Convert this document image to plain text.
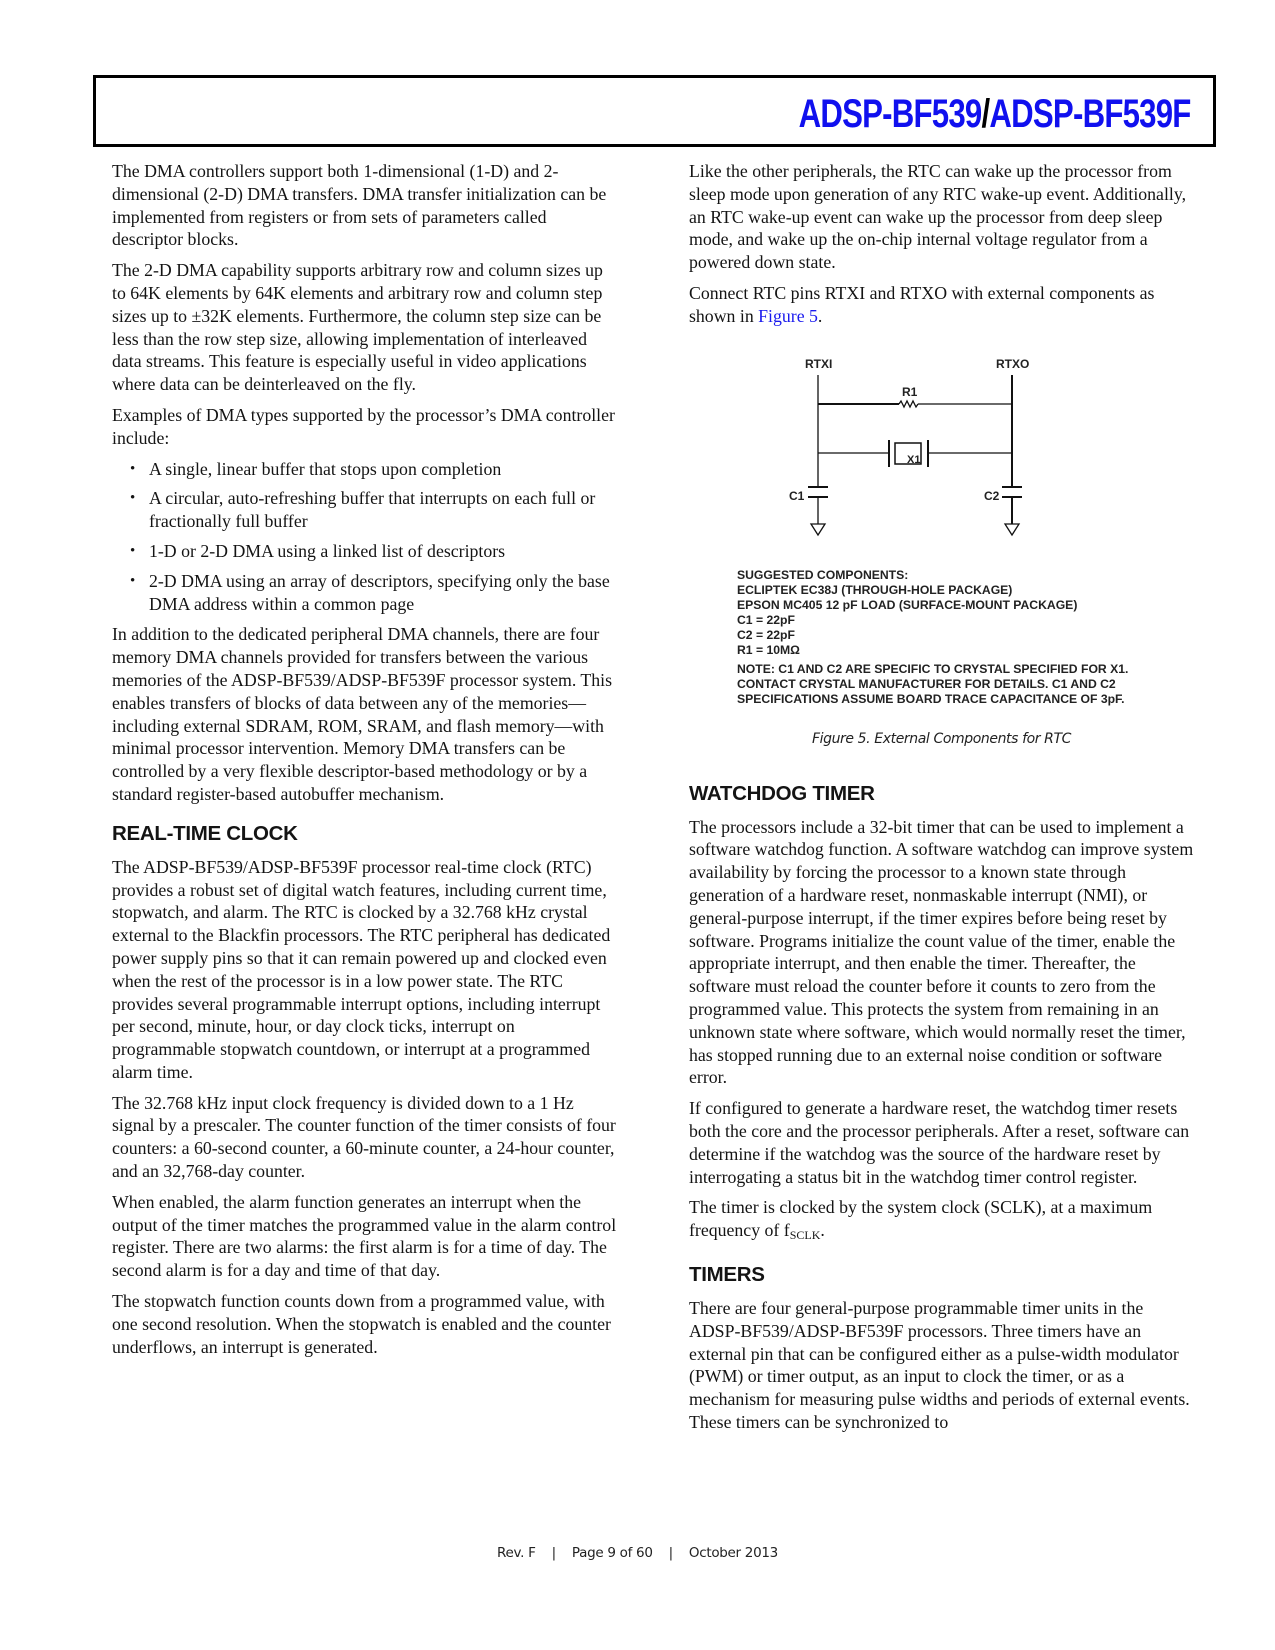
ADSP-BF539/ADSP-BF539F

The DMA controllers support both 1-dimensional (1-D) and 2-dimensional (2-D) DMA transfers. DMA transfer initialization can be implemented from registers or from sets of parameters called descriptor blocks.

The 2-D DMA capability supports arbitrary row and column sizes up to 64K elements by 64K elements and arbitrary row and column step sizes up to ±32K elements. Furthermore, the column step size can be less than the row step size, allowing implementation of interleaved data streams. This feature is especially useful in video applications where data can be deinterleaved on the fly.

Examples of DMA types supported by the processor’s DMA controller include:

• A single, linear buffer that stops upon completion
• A circular, auto-refreshing buffer that interrupts on each full or fractionally full buffer
• 1-D or 2-D DMA using a linked list of descriptors
• 2-D DMA using an array of descriptors, specifying only the base DMA address within a common page

In addition to the dedicated peripheral DMA channels, there are four memory DMA channels provided for transfers between the various memories of the ADSP-BF539/ADSP-BF539F processor system. This enables transfers of blocks of data between any of the memories—including external SDRAM, ROM, SRAM, and flash memory—with minimal processor intervention. Memory DMA transfers can be controlled by a very flexible descriptor-based methodology or by a standard register-based autobuffer mechanism.

REAL-TIME CLOCK

The ADSP-BF539/ADSP-BF539F processor real-time clock (RTC) provides a robust set of digital watch features, including current time, stopwatch, and alarm. The RTC is clocked by a 32.768 kHz crystal external to the Blackfin processors. The RTC peripheral has dedicated power supply pins so that it can remain powered up and clocked even when the rest of the processor is in a low power state. The RTC provides several programmable interrupt options, including interrupt per second, minute, hour, or day clock ticks, interrupt on programmable stopwatch countdown, or interrupt at a programmed alarm time.

The 32.768 kHz input clock frequency is divided down to a 1 Hz signal by a prescaler. The counter function of the timer consists of four counters: a 60-second counter, a 60-minute counter, a 24-hour counter, and an 32,768-day counter.

When enabled, the alarm function generates an interrupt when the output of the timer matches the programmed value in the alarm control register. There are two alarms: the first alarm is for a time of day. The second alarm is for a day and time of that day.

The stopwatch function counts down from a programmed value, with one second resolution. When the stopwatch is enabled and the counter underflows, an interrupt is generated.

Like the other peripherals, the RTC can wake up the processor from sleep mode upon generation of any RTC wake-up event. Additionally, an RTC wake-up event can wake up the processor from deep sleep mode, and wake up the on-chip internal voltage regulator from a powered down state.

Connect RTC pins RTXI and RTXO with external components as shown in Figure 5.

RTXI	RTXO
R1
X1
C1	C2
SUGGESTED COMPONENTS:
ECLIPTEK EC38J (THROUGH-HOLE PACKAGE)
EPSON MC405 12 pF LOAD (SURFACE-MOUNT PACKAGE)
C1 = 22pF
C2 = 22pF
R1 = 10MΩ
NOTE: C1 AND C2 ARE SPECIFIC TO CRYSTAL SPECIFIED FOR X1.
CONTACT CRYSTAL MANUFACTURER FOR DETAILS. C1 AND C2
SPECIFICATIONS ASSUME BOARD TRACE CAPACITANCE OF 3pF.
Figure 5. External Components for RTC
WATCHDOG TIMER

The processors include a 32-bit timer that can be used to implement a software watchdog function. A software watchdog can improve system availability by forcing the processor to a known state through generation of a hardware reset, nonmaskable interrupt (NMI), or general-purpose interrupt, if the timer expires before being reset by software. Programs initialize the count value of the timer, enable the appropriate interrupt, and then enable the timer. Thereafter, the software must reload the counter before it counts to zero from the programmed value. This protects the system from remaining in an unknown state where software, which would normally reset the timer, has stopped running due to an external noise condition or software error.

If configured to generate a hardware reset, the watchdog timer resets both the core and the processor peripherals. After a reset, software can determine if the watchdog was the source of the hardware reset by interrogating a status bit in the watchdog timer control register.

The timer is clocked by the system clock (SCLK), at a maximum frequency of $f_{SCLK}$.

TIMERS

There are four general-purpose programmable timer units in the ADSP-BF539/ADSP-BF539F processors. Three timers have an external pin that can be configured either as a pulse-width modulator (PWM) or timer output, as an input to clock the timer, or as a mechanism for measuring pulse widths and periods of external events. These timers can be synchronized to

Rev. F | Page 9 of 60 | October 2013
